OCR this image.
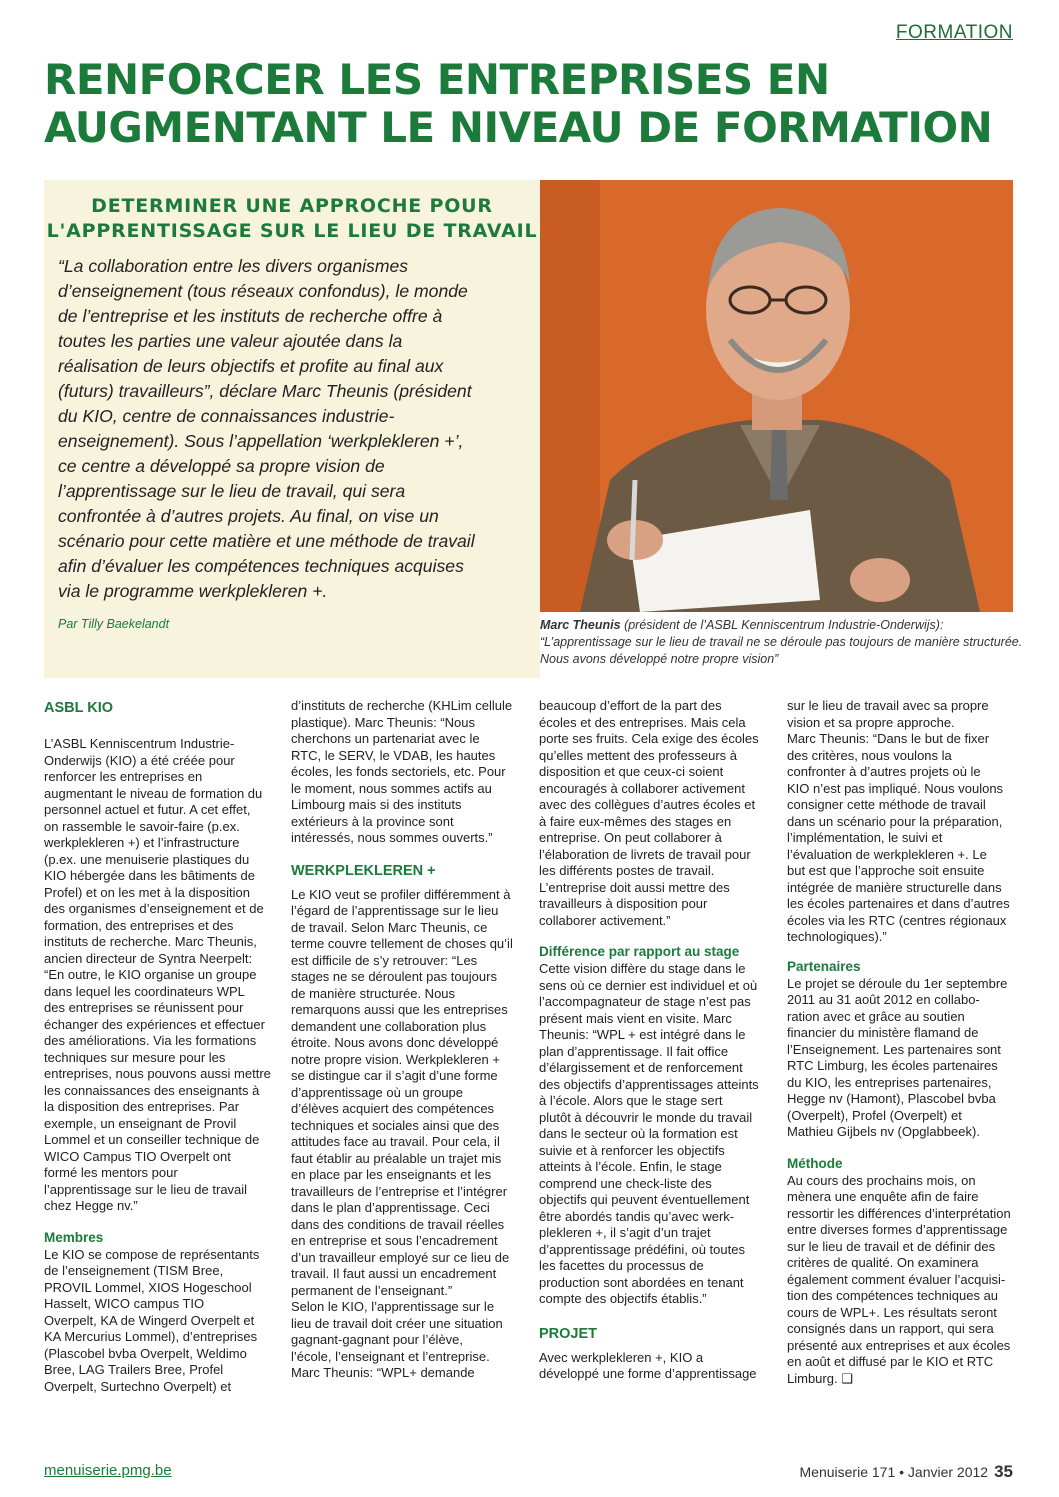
FORMATION
RENFORCER LES ENTREPRISES EN
AUGMENTANT LE NIVEAU DE FORMATION
DETERMINER UNE APPROCHE POUR
L'APPRENTISSAGE SUR LE LIEU DE TRAVAIL

“La collaboration entre les divers organismes
d’enseignement (tous réseaux confondus), le monde
de l’entreprise et les instituts de recherche offre à
toutes les parties une valeur ajoutée dans la
réalisation de leurs objectifs et profite au final aux
(futurs) travailleurs”, déclare Marc Theunis (président
du KIO, centre de connaissances industrie-
enseignement). Sous l’appellation ‘werkplekleren +’,
ce centre a développé sa propre vision de
l’apprentissage sur le lieu de travail, qui sera
confrontée à d’autres projets. Au final, on vise un
scénario pour cette matière et une méthode de travail
afin d’évaluer les compétences techniques acquises
via le programme werkplekleren +.

Par Tilly Baekelandt	Marc Theunis (président de l’ASBL Kenniscentrum Industrie-Onderwijs):
“L’apprentissage sur le lieu de travail ne se déroule pas toujours de manière structurée.
Nous avons développé notre propre vision”

ASBL KIO

L’ASBL Kenniscentrum Industrie-
Onderwijs (KIO) a été créée pour
renforcer les entreprises en
augmentant le niveau de formation du
personnel actuel et futur. A cet effet,
on rassemble le savoir-faire (p.ex.
werkplekleren +) et l’infrastructure
(p.ex. une menuiserie plastiques du
KIO hébergée dans les bâtiments de
Profel) et on les met à la disposition
des organismes d’enseignement et de
formation, des entreprises et des
instituts de recherche. Marc Theunis,
ancien directeur de Syntra Neerpelt:
“En outre, le KIO organise un groupe
dans lequel les coordinateurs WPL
des entreprises se réunissent pour
échanger des expériences et effectuer
des améliorations. Via les formations
techniques sur mesure pour les
entreprises, nous pouvons aussi mettre
les connaissances des enseignants à
la disposition des entreprises. Par
exemple, un enseignant de Provil
Lommel et un conseiller technique de
WICO Campus TIO Overpelt ont
formé les mentors pour
l’apprentissage sur le lieu de travail
chez Hegge nv.”

Membres

Le KIO se compose de représentants
de l’enseignement (TISM Bree,
PROVIL Lommel, XIOS Hogeschool
Hasselt, WICO campus TIO
Overpelt, KA de Wingerd Overpelt et
KA Mercurius Lommel), d’entreprises
(Plascobel bvba Overpelt, Weldimo
Bree, LAG Trailers Bree, Profel
Overpelt, Surtechno Overpelt) et

d’instituts de recherche (KHLim cellule
plastique). Marc Theunis: “Nous
cherchons un partenariat avec le
RTC, le SERV, le VDAB, les hautes
écoles, les fonds sectoriels, etc. Pour
le moment, nous sommes actifs au
Limbourg mais si des instituts
extérieurs à la province sont
intéressés, nous sommes ouverts.”

WERKPLEKLEREN +

Le KIO veut se profiler différemment à
l’égard de l’apprentissage sur le lieu
de travail. Selon Marc Theunis, ce
terme couvre tellement de choses qu’il
est difficile de s’y retrouver: “Les
stages ne se déroulent pas toujours
de manière structurée. Nous
remarquons aussi que les entreprises
demandent une collaboration plus
étroite. Nous avons donc développé
notre propre vision. Werkplekleren +
se distingue car il s’agit d’une forme
d’apprentissage où un groupe
d’élèves acquiert des compétences
techniques et sociales ainsi que des
attitudes face au travail. Pour cela, il
faut établir au préalable un trajet mis
en place par les enseignants et les
travailleurs de l’entreprise et l’intégrer
dans le plan d’apprentissage. Ceci
dans des conditions de travail réelles
en entreprise et sous l’encadrement
d’un travailleur employé sur ce lieu de
travail. Il faut aussi un encadrement
permanent de l’enseignant.”
Selon le KIO, l’apprentissage sur le
lieu de travail doit créer une situation
gagnant-gagnant pour l’élève,
l’école, l’enseignant et l’entreprise.
Marc Theunis: “WPL+ demande

beaucoup d’effort de la part des
écoles et des entreprises. Mais cela
porte ses fruits. Cela exige des écoles
qu’elles mettent des professeurs à
disposition et que ceux-ci soient
encouragés à collaborer activement
avec des collègues d’autres écoles et
à faire eux-mêmes des stages en
entreprise. On peut collaborer à
l’élaboration de livrets de travail pour
les différents postes de travail.
L’entreprise doit aussi mettre des
travailleurs à disposition pour
collaborer activement.”

Différence par rapport au stage

Cette vision diffère du stage dans le
sens où ce dernier est individuel et où
l’accompagnateur de stage n’est pas
présent mais vient en visite. Marc
Theunis: “WPL + est intégré dans le
plan d’apprentissage. Il fait office
d’élargissement et de renforcement
des objectifs d’apprentissages atteints
à l’école. Alors que le stage sert
plutôt à découvrir le monde du travail
dans le secteur où la formation est
suivie et à renforcer les objectifs
atteints à l’école. Enfin, le stage
comprend une check-liste des
objectifs qui peuvent éventuellement
être abordés tandis qu’avec werk-
plekleren +, il s’agit d’un trajet
d’apprentissage prédéfini, où toutes
les facettes du processus de
production sont abordées en tenant
compte des objectifs établis.”

PROJET

Avec werkplekleren +, KIO a
développé une forme d’apprentissage

sur le lieu de travail avec sa propre
vision et sa propre approche.
Marc Theunis: “Dans le but de fixer
des critères, nous voulons la
confronter à d’autres projets où le
KIO n’est pas impliqué. Nous voulons
consigner cette méthode de travail
dans un scénario pour la préparation,
l’implémentation, le suivi et
l’évaluation de werkplekleren +. Le
but est que l’approche soit ensuite
intégrée de manière structurelle dans
les écoles partenaires et dans d’autres
écoles via les RTC (centres régionaux
technologiques).”

Partenaires

Le projet se déroule du 1er septembre
2011 au 31 août 2012 en collabo-
ration avec et grâce au soutien
financier du ministère flamand de
l’Enseignement. Les partenaires sont
RTC Limburg, les écoles partenaires
du KIO, les entreprises partenaires,
Hegge nv (Hamont), Plascobel bvba
(Overpelt), Profel (Overpelt) et
Mathieu Gijbels nv (Opglabbeek).

Méthode

Au cours des prochains mois, on
mènera une enquête afin de faire
ressortir les différences d’interprétation
entre diverses formes d’apprentissage
sur le lieu de travail et de définir des
critères de qualité. On examinera
également comment évaluer l’acquisi-
tion des compétences techniques au
cours de WPL+. Les résultats seront
consignés dans un rapport, qui sera
présenté aux entreprises et aux écoles
en août et diffusé par le KIO et RTC
Limburg. ❑

menuiserie.pmg.be	Menuiserie 171 • Janvier 2012 35
